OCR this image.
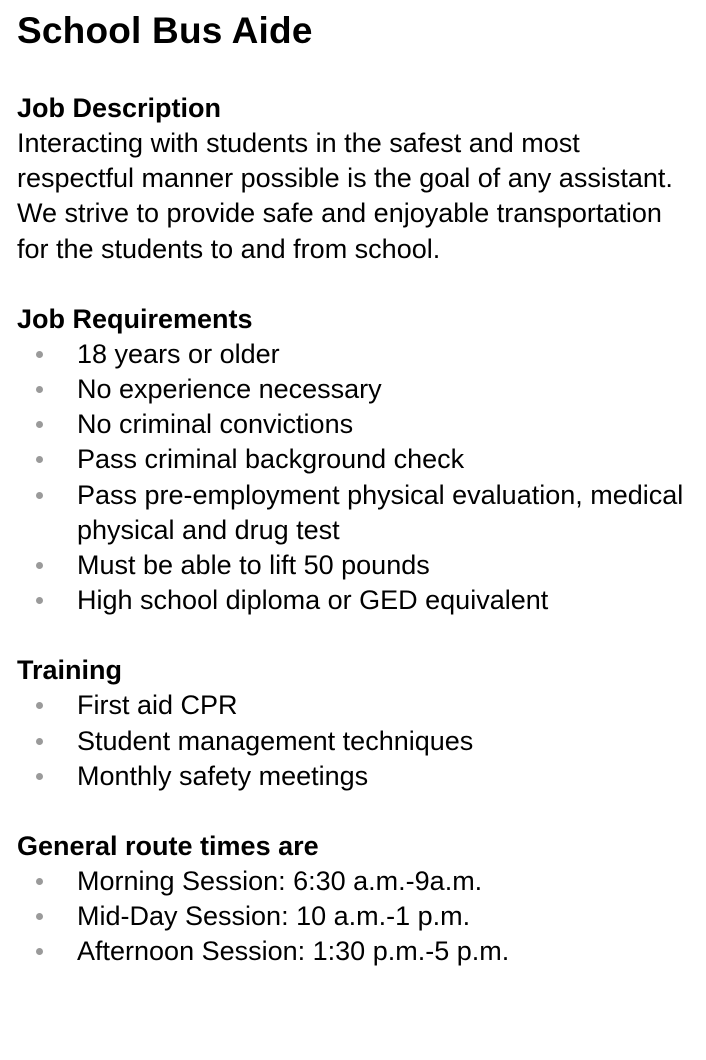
School Bus Aide
Job Description

Interacting with students in the safest and most respectful manner possible is the goal of any assistant. We strive to provide safe and enjoyable transportation for the students to and from school.

Job Requirements
18 years or older
No experience necessary
No criminal convictions
Pass criminal background check
Pass pre-employment physical evaluation, medical physical and drug test
Must be able to lift 50 pounds
High school diploma or GED equivalent
Training
First aid CPR
Student management techniques
Monthly safety meetings
General route times are
Morning Session: 6:30 a.m.-9a.m.
Mid-Day Session: 10 a.m.-1 p.m.
Afternoon Session: 1:30 p.m.-5 p.m.
